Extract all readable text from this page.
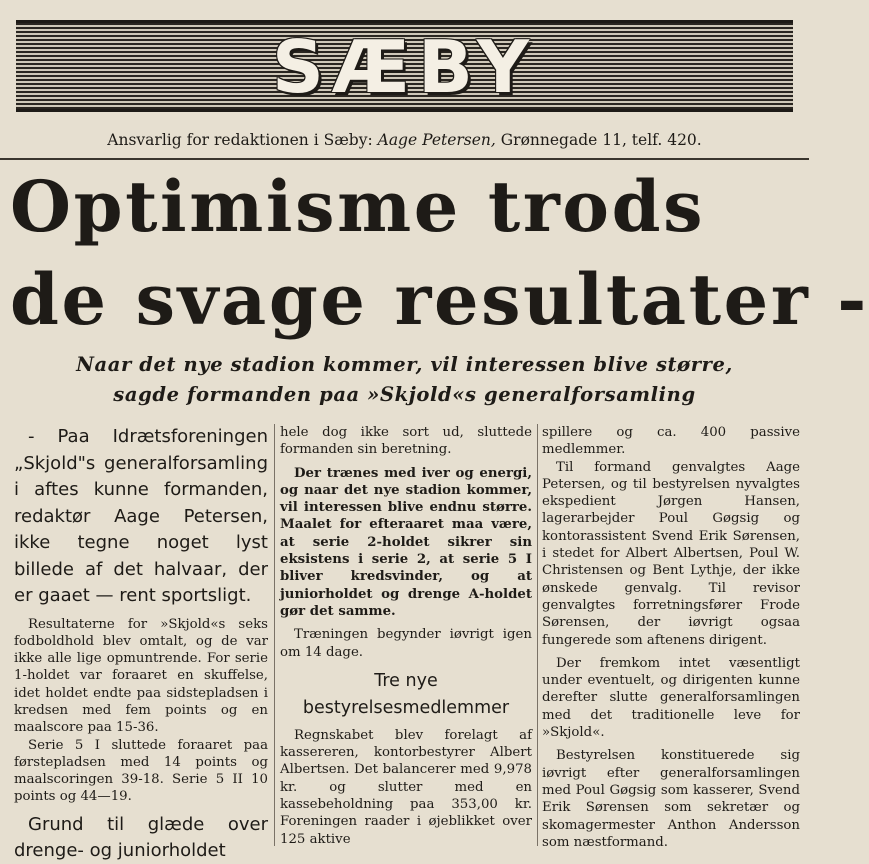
SÆBY
Ansvarlig for redaktionen i Sæby: Aage Petersen, Grønnegade 11, telf. 420.
Optimisme trods
de svage resultater -
Naar det nye stadion kommer, vil interessen blive større,
sagde formanden paa »Skjold«s generalforsamling

- Paa Idrætsforeningen „Skjold"s generalforsamling i aftes kunne formanden, redaktør Aage Petersen, ikke tegne noget lyst billede af det halvaar, der er gaaet — rent sportsligt.

Resultaterne for »Skjold«s seks fodboldhold blev omtalt, og de var ikke alle lige opmuntrende. For serie 1-holdet var foraaret en skuffelse, idet holdet endte paa sidstepladsen i kredsen med fem points og en maalscore paa 15-36.

Serie 5 I sluttede foraaret paa førstepladsen med 14 points og maalscoringen 39-18. Serie 5 II 10 points og 44—19.

Grund til glæde over drenge- og juniorholdet

hele dog ikke sort ud, sluttede formanden sin beretning.

Der trænes med iver og energi, og naar det nye stadion kommer, vil interessen blive endnu større. Maalet for efteraaret maa være, at serie 2-holdet sikrer sin eksistens i serie 2, at serie 5 I bliver kredsvinder, og at juniorholdet og drenge A-holdet gør det samme.

Træningen begynder iøvrigt igen om 14 dage.

Tre nye bestyrelsesmedlemmer

Regnskabet blev forelagt af kassereren, kontorbestyrer Albert Albertsen. Det balancerer med 9,978 kr. og slutter med en kassebeholdning paa 353,00 kr. Foreningen raader i øjeblikket over 125 aktive

spillere og ca. 400 passive medlemmer.

Til formand genvalgtes Aage Petersen, og til bestyrelsen nyvalgtes ekspedient Jørgen Hansen, lagerarbejder Poul Gøgsig og kontorassistent Svend Erik Sørensen, i stedet for Albert Albertsen, Poul W. Christensen og Bent Lythje, der ikke ønskede genvalg. Til revisor genvalgtes forretningsfører Frode Sørensen, der iøvrigt ogsaa fungerede som aftenens dirigent.

Der fremkom intet væsentligt under eventuelt, og dirigenten kunne derefter slutte generalforsamlingen med det traditionelle leve for »Skjold«.

Bestyrelsen konstituerede sig iøvrigt efter generalforsamlingen med Poul Gøgsig som kasserer, Svend Erik Sørensen som sekretær og skomagermester Anthon Andersson som næstformand.
